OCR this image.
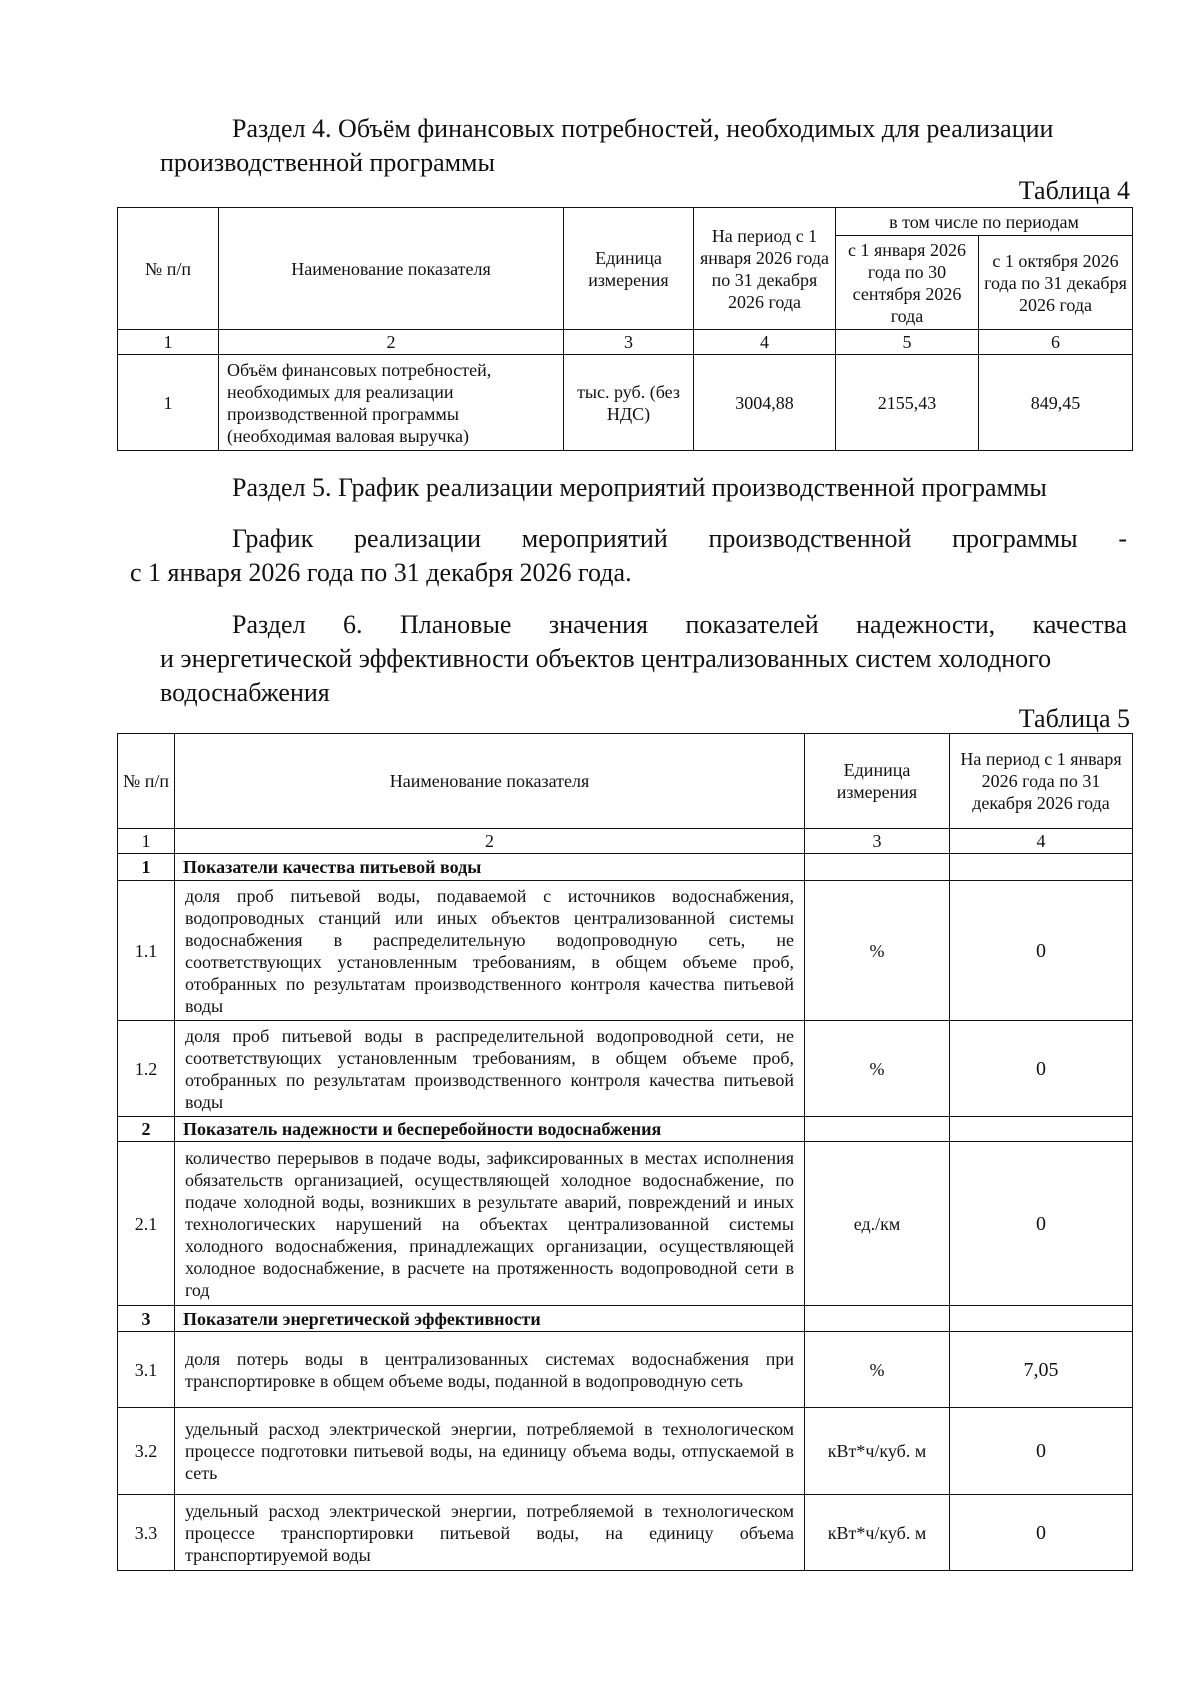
Раздел 4. Объём финансовых потребностей, необходимых для реализации

производственной программы

Таблица 4
№ п/п	Наименование показателя	Единица измерения	На период с 1 января 2026 года по 31 декабря 2026 года	в том числе по периодам	
				с 1 января 2026 года по 30 сентября 2026 года	с 1 октября 2026 года по 31 декабря 2026 года
1	2	3	4	5	6
1	Объём финансовых потребностей, необходимых для реализации производственной программы (необходимая валовая выручка)	тыс. руб. (без НДС)	3004,88	2155,43	849,45

Раздел 5. График реализации мероприятий производственной программы

График реализации мероприятий производственной программы -

с 1 января 2026 года по 31 декабря 2026 года.

Раздел 6. Плановые значения показателей надежности, качества

и энергетической эффективности объектов централизованных систем холодного

водоснабжения

Таблица 5
№ п/п	Наименование показателя	Единица измерения	На период с 1 января 2026 года по 31 декабря 2026 года
1	2	3	4
1	Показатели качества питьевой воды		
1.1	доля проб питьевой воды, подаваемой с источников водоснабжения, водопроводных станций или иных объектов централизованной системы водоснабжения в распределительную водопроводную сеть, не соответствующих установленным требованиям, в общем объеме проб, отобранных по результатам производственного контроля качества питьевой воды	%	0
1.2	доля проб питьевой воды в распределительной водопроводной сети, не соответствующих установленным требованиям, в общем объеме проб, отобранных по результатам производственного контроля качества питьевой воды	%	0
2	Показатель надежности и бесперебойности водоснабжения		
2.1	количество перерывов в подаче воды, зафиксированных в местах исполнения обязательств организацией, осуществляющей холодное водоснабжение, по подаче холодной воды, возникших в результате аварий, повреждений и иных технологических нарушений на объектах централизованной системы холодного водоснабжения, принадлежащих организации, осуществляющей холодное водоснабжение, в расчете на протяженность водопроводной сети в год	ед./км	0
3	Показатели энергетической эффективности		
3.1	доля потерь воды в централизованных системах водоснабжения при транспортировке в общем объеме воды, поданной в водопроводную сеть	%	7,05
3.2	удельный расход электрической энергии, потребляемой в технологическом процессе подготовки питьевой воды, на единицу объема воды, отпускаемой в сеть	кВт*ч/куб. м	0
3.3	удельный расход электрической энергии, потребляемой в технологическом процессе транспортировки питьевой воды, на единицу объема транспортируемой воды	кВт*ч/куб. м	0
